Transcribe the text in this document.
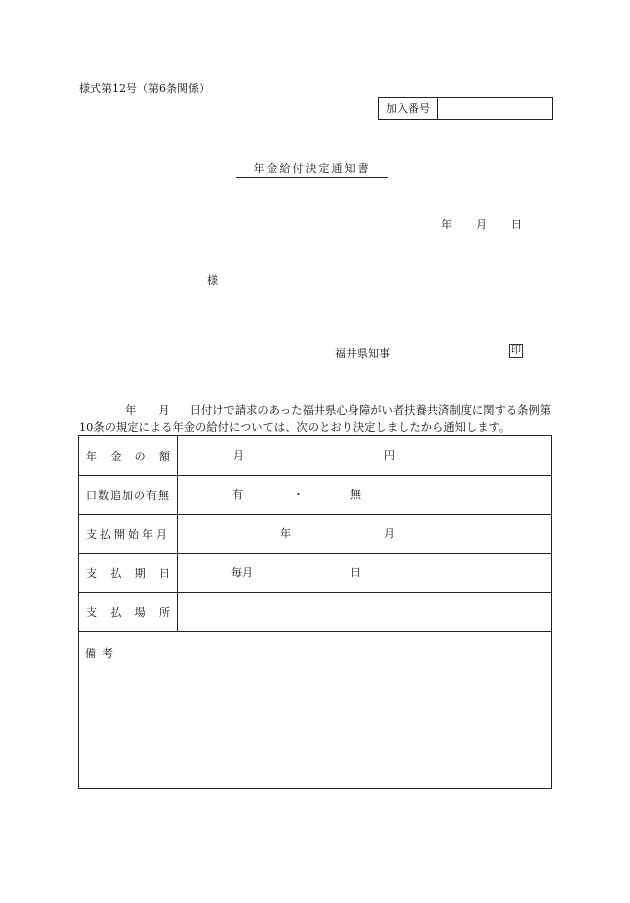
様式第12号（第6条関係）
加入番号
年金給付決定通知書
年 月 日
様
福井県知事	印
年 月 日付けで請求のあった福井県心身障がい者扶養共済制度に関する条例第10条の規定による年金の給付については、次のとおり決定しましたから通知します。
年 金 の 額	月	円
口数追加の有無	有	・	無
支払開始年月	年	月
支 払 期 日	毎月	日
支 払 場 所
備考
